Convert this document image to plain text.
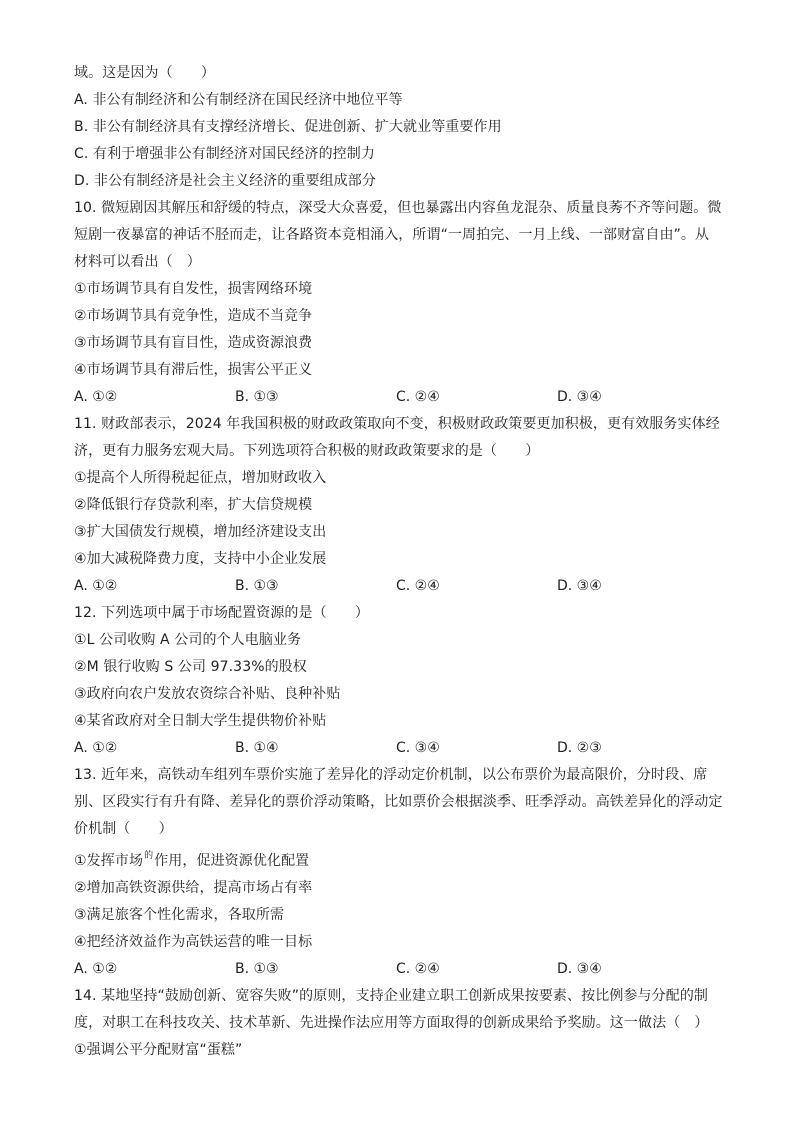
域。这是因为（　　）
A. 非公有制经济和公有制经济在国民经济中地位平等
B. 非公有制经济具有支撑经济增长、促进创新、扩大就业等重要作用
C. 有利于增强非公有制经济对国民经济的控制力
D. 非公有制经济是社会主义经济的重要组成部分
10. 微短剧因其解压和舒缓的特点，深受大众喜爱，但也暴露出内容鱼龙混杂、质量良莠不齐等问题。微
短剧一夜暴富的神话不胫而走，让各路资本竞相涌入，所谓“一周拍完、一月上线、一部财富自由”。从
材料可以看出（　）
①市场调节具有自发性，损害网络环境
②市场调节具有竞争性，造成不当竞争
③市场调节具有盲目性，造成资源浪费
④市场调节具有滞后性，损害公平正义
A. ①②	B. ①③	C. ②④	D. ③④
11. 财政部表示，2024 年我国积极的财政政策取向不变，积极财政政策要更加积极，更有效服务实体经
济，更有力服务宏观大局。下列选项符合积极的财政政策要求的是（　　）
①提高个人所得税起征点，增加财政收入
②降低银行存贷款利率，扩大信贷规模
③扩大国债发行规模，增加经济建设支出
④加大减税降费力度，支持中小企业发展
A. ①②	B. ①③	C. ②④	D. ③④
12. 下列选项中属于市场配置资源的是（　　）
①L 公司收购 A 公司的个人电脑业务
②M 银行收购 S 公司 97.33%的股权
③政府向农户发放农资综合补贴、良种补贴
④某省政府对全日制大学生提供物价补贴
A. ①②	B. ①④	C. ③④	D. ②③
13. 近年来，高铁动车组列车票价实施了差异化的浮动定价机制，以公布票价为最高限价，分时段、席
别、区段实行有升有降、差异化的票价浮动策略，比如票价会根据淡季、旺季浮动。高铁差异化的浮动定
价机制（　　）
①发挥市场$^的$作用，促进资源优化配置
②增加高铁资源供给，提高市场占有率
③满足旅客个性化需求，各取所需
④把经济效益作为高铁运营的唯一目标
A. ①②	B. ①③	C. ②④	D. ③④
14. 某地坚持“鼓励创新、宽容失败”的原则，支持企业建立职工创新成果按要素、按比例参与分配的制
度，对职工在科技攻关、技术革新、先进操作法应用等方面取得的创新成果给予奖励。这一做法（　）
①强调公平分配财富“蛋糕”
